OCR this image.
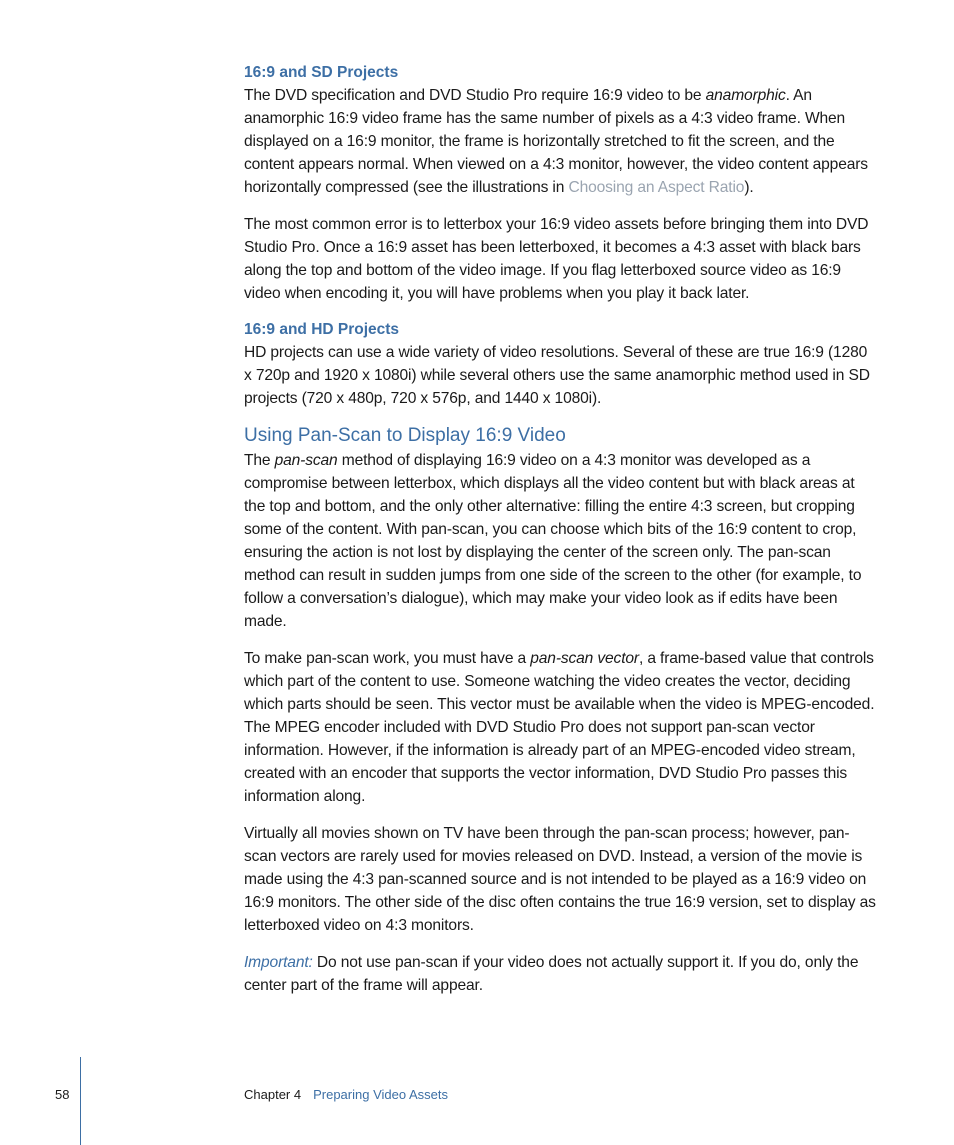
16:9 and SD Projects

The DVD specification and DVD Studio Pro require 16:9 video to be anamorphic. An anamorphic 16:9 video frame has the same number of pixels as a 4:3 video frame. When displayed on a 16:9 monitor, the frame is horizontally stretched to fit the screen, and the content appears normal. When viewed on a 4:3 monitor, however, the video content appears horizontally compressed (see the illustrations in Choosing an Aspect Ratio).

The most common error is to letterbox your 16:9 video assets before bringing them into DVD Studio Pro. Once a 16:9 asset has been letterboxed, it becomes a 4:3 asset with black bars along the top and bottom of the video image. If you flag letterboxed source video as 16:9 video when encoding it, you will have problems when you play it back later.

16:9 and HD Projects

HD projects can use a wide variety of video resolutions. Several of these are true 16:9 (1280 x 720p and 1920 x 1080i) while several others use the same anamorphic method used in SD projects (720 x 480p, 720 x 576p, and 1440 x 1080i).

Using Pan-Scan to Display 16:9 Video

The pan-scan method of displaying 16:9 video on a 4:3 monitor was developed as a compromise between letterbox, which displays all the video content but with black areas at the top and bottom, and the only other alternative: filling the entire 4:3 screen, but cropping some of the content. With pan-scan, you can choose which bits of the 16:9 content to crop, ensuring the action is not lost by displaying the center of the screen only. The pan-scan method can result in sudden jumps from one side of the screen to the other (for example, to follow a conversation’s dialogue), which may make your video look as if edits have been made.

To make pan-scan work, you must have a pan-scan vector, a frame-based value that controls which part of the content to use. Someone watching the video creates the vector, deciding which parts should be seen. This vector must be available when the video is MPEG-encoded. The MPEG encoder included with DVD Studio Pro does not support pan-scan vector information. However, if the information is already part of an MPEG-encoded video stream, created with an encoder that supports the vector information, DVD Studio Pro passes this information along.

Virtually all movies shown on TV have been through the pan-scan process; however, pan-scan vectors are rarely used for movies released on DVD. Instead, a version of the movie is made using the 4:3 pan-scanned source and is not intended to be played as a 16:9 video on 16:9 monitors. The other side of the disc often contains the true 16:9 version, set to display as letterboxed video on 4:3 monitors.

Important: Do not use pan-scan if your video does not actually support it. If you do, only the center part of the frame will appear.

58	Chapter 4 Preparing Video Assets
